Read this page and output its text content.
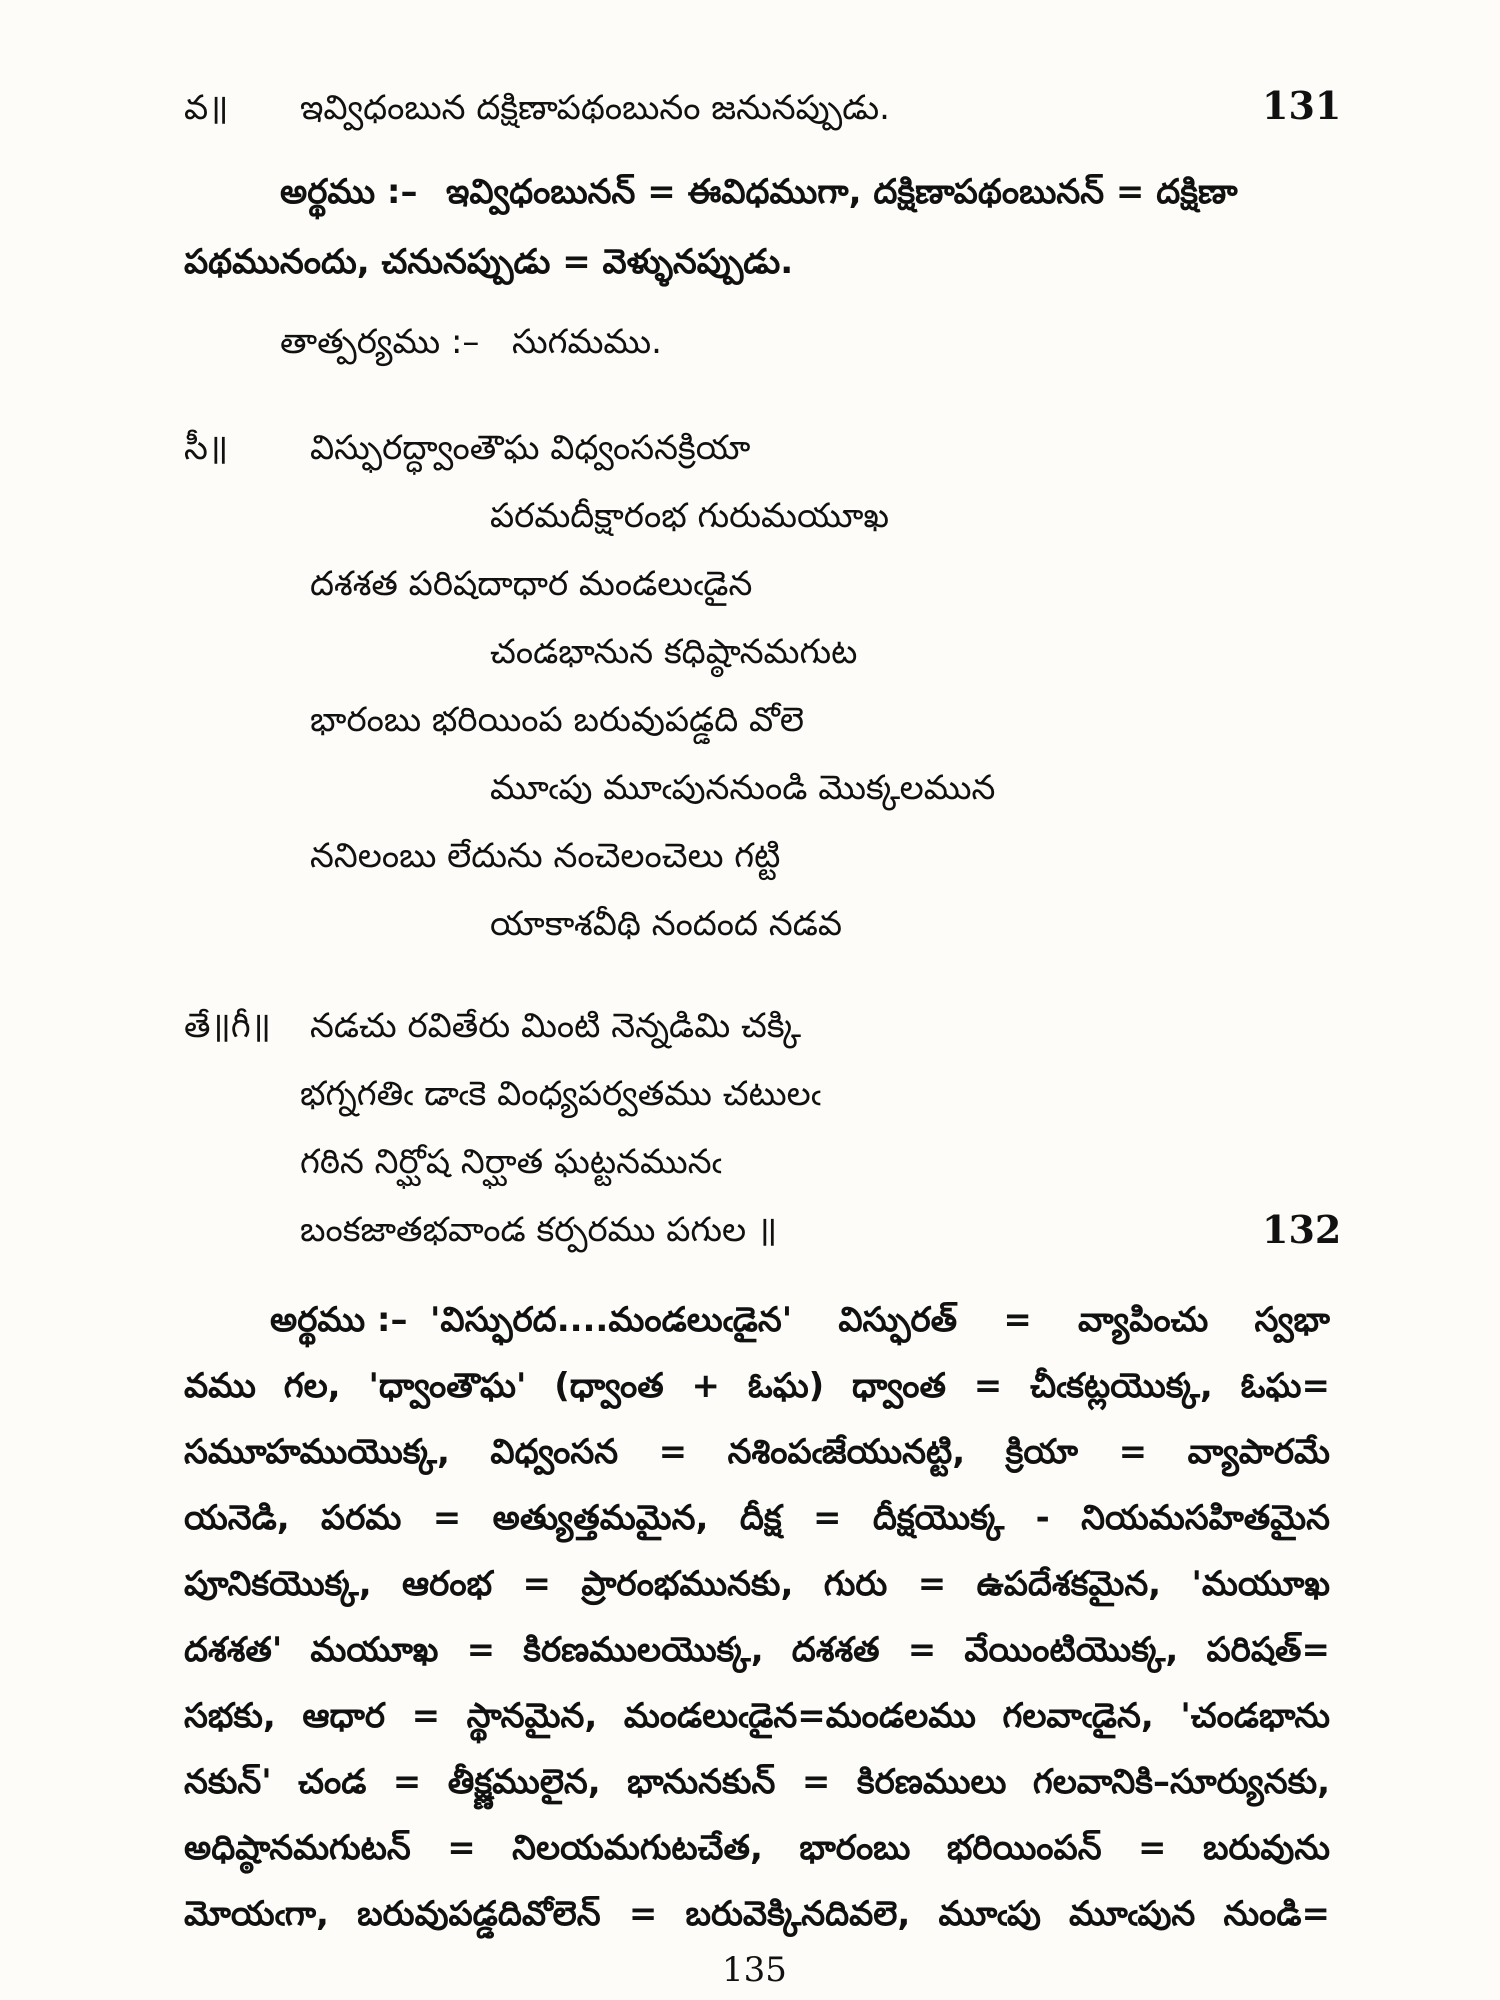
వ॥ ఇవ్విధంబున దక్షిణాపథంబునం జనునప్పుడు.	131
అర్థము :– ఇవ్విధంబునన్ = ఈవిధముగా, దక్షిణాపథంబునన్ = దక్షిణా
పథమునందు, చనునప్పుడు = వెళ్ళునప్పుడు.
తాత్పర్యము :– సుగమము.
సీ॥ విస్ఫురద్ధ్వాంతౌఘ విధ్వంసనక్రియా
పరమదీక్షారంభ గురుమయూఖ
దశశత పరిషదాధార మండలుఁడైన
చండభానున కధిష్ఠానమగుట
భారంబు భరియింప బరువుపడ్డది వోలె
మూఁపు మూఁపుననుండి మొక్కలమున
ననిలంబు లేదును నంచెలంచెలు గట్టి
యాకాశవీథి నందంద నడవ
తే॥గీ॥ నడచు రవితేరు మింటి నెన్నడిమి చక్కి
భగ్నగతిఁ డాఁకె వింధ్యపర్వతము చటులఁ
గఠిన నిర్ఘోష నిర్ఘాత ఘట్టనమునఁ
బంకజాతభవాండ కర్పరము పగుల ॥	132
అర్థము :– 'విస్ఫురద....మండలుఁడైన' విస్ఫురత్ = వ్యాపించు స్వభా
వము గల, 'ధ్వాంతౌఘ' (ధ్వాంత + ఓఘ) ధ్వాంత = చీఁకట్లయొక్క, ఓఘ=
సమూహముయొక్క, విధ్వంసన = నశింపఁజేయునట్టి, క్రియా = వ్యాపారమే
యనెడి, పరమ = అత్యుత్తమమైన, దీక్ష = దీక్షయొక్క - నియమసహితమైన
పూనికయొక్క, ఆరంభ = ప్రారంభమునకు, గురు = ఉపదేశకమైన, 'మయూఖ
దశశత' మయూఖ = కిరణములయొక్క, దశశత = వేయింటియొక్క, పరిషత్=
సభకు, ఆధార = స్థానమైన, మండలుఁడైన=మండలము గలవాఁడైన, 'చండభాను
నకున్' చండ = తీక్ష్ణములైన, భానునకున్ = కిరణములు గలవానికి–సూర్యునకు,
అధిష్ఠానమగుటన్ = నిలయమగుటచేత, భారంబు భరియింపన్ = బరువును
మోయఁగా, బరువుపడ్డదివోలెన్ = బరువెక్కినదివలె, మూఁపు మూఁపున నుండి=
135
